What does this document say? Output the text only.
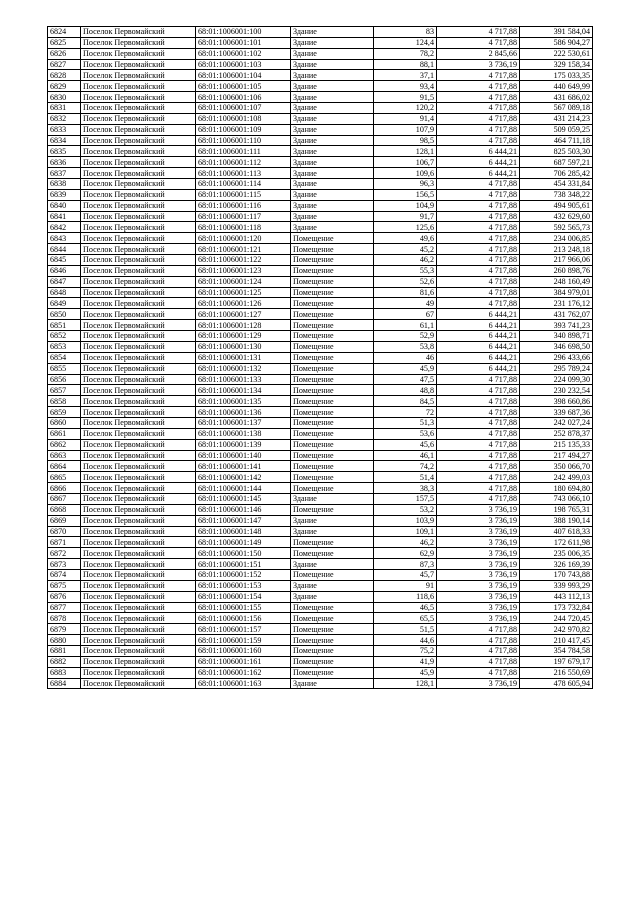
6824	Поселок Первомайский	68:01:1006001:100	Здание	83	4 717,88	391 584,04
6825	Поселок Первомайский	68:01:1006001:101	Здание	124,4	4 717,88	586 904,27
6826	Поселок Первомайский	68:01:1006001:102	Здание	78,2	2 845,66	222 530,61
6827	Поселок Первомайский	68:01:1006001:103	Здание	88,1	3 736,19	329 158,34
6828	Поселок Первомайский	68:01:1006001:104	Здание	37,1	4 717,88	175 033,35
6829	Поселок Первомайский	68:01:1006001:105	Здание	93,4	4 717,88	440 649,99
6830	Поселок Первомайский	68:01:1006001:106	Здание	91,5	4 717,88	431 686,02
6831	Поселок Первомайский	68:01:1006001:107	Здание	120,2	4 717,88	567 089,18
6832	Поселок Первомайский	68:01:1006001:108	Здание	91,4	4 717,88	431 214,23
6833	Поселок Первомайский	68:01:1006001:109	Здание	107,9	4 717,88	509 059,25
6834	Поселок Первомайский	68:01:1006001:110	Здание	98,5	4 717,88	464 711,18
6835	Поселок Первомайский	68:01:1006001:111	Здание	128,1	6 444,21	825 503,30
6836	Поселок Первомайский	68:01:1006001:112	Здание	106,7	6 444,21	687 597,21
6837	Поселок Первомайский	68:01:1006001:113	Здание	109,6	6 444,21	706 285,42
6838	Поселок Первомайский	68:01:1006001:114	Здание	96,3	4 717,88	454 331,84
6839	Поселок Первомайский	68:01:1006001:115	Здание	156,5	4 717,88	738 348,22
6840	Поселок Первомайский	68:01:1006001:116	Здание	104,9	4 717,88	494 905,61
6841	Поселок Первомайский	68:01:1006001:117	Здание	91,7	4 717,88	432 629,60
6842	Поселок Первомайский	68:01:1006001:118	Здание	125,6	4 717,88	592 565,73
6843	Поселок Первомайский	68:01:1006001:120	Помещение	49,6	4 717,88	234 006,85
6844	Поселок Первомайский	68:01:1006001:121	Помещение	45,2	4 717,88	213 248,18
6845	Поселок Первомайский	68:01:1006001:122	Помещение	46,2	4 717,88	217 966,06
6846	Поселок Первомайский	68:01:1006001:123	Помещение	55,3	4 717,88	260 898,76
6847	Поселок Первомайский	68:01:1006001:124	Помещение	52,6	4 717,88	248 160,49
6848	Поселок Первомайский	68:01:1006001:125	Помещение	81,6	4 717,88	384 979,01
6849	Поселок Первомайский	68:01:1006001:126	Помещение	49	4 717,88	231 176,12
6850	Поселок Первомайский	68:01:1006001:127	Помещение	67	6 444,21	431 762,07
6851	Поселок Первомайский	68:01:1006001:128	Помещение	61,1	6 444,21	393 741,23
6852	Поселок Первомайский	68:01:1006001:129	Помещение	52,9	6 444,21	340 898,71
6853	Поселок Первомайский	68:01:1006001:130	Помещение	53,8	6 444,21	346 698,50
6854	Поселок Первомайский	68:01:1006001:131	Помещение	46	6 444,21	296 433,66
6855	Поселок Первомайский	68:01:1006001:132	Помещение	45,9	6 444,21	295 789,24
6856	Поселок Первомайский	68:01:1006001:133	Помещение	47,5	4 717,88	224 099,30
6857	Поселок Первомайский	68:01:1006001:134	Помещение	48,8	4 717,88	230 232,54
6858	Поселок Первомайский	68:01:1006001:135	Помещение	84,5	4 717,88	398 660,86
6859	Поселок Первомайский	68:01:1006001:136	Помещение	72	4 717,88	339 687,36
6860	Поселок Первомайский	68:01:1006001:137	Помещение	51,3	4 717,88	242 027,24
6861	Поселок Первомайский	68:01:1006001:138	Помещение	53,6	4 717,88	252 878,37
6862	Поселок Первомайский	68:01:1006001:139	Помещение	45,6	4 717,88	215 135,33
6863	Поселок Первомайский	68:01:1006001:140	Помещение	46,1	4 717,88	217 494,27
6864	Поселок Первомайский	68:01:1006001:141	Помещение	74,2	4 717,88	350 066,70
6865	Поселок Первомайский	68:01:1006001:142	Помещение	51,4	4 717,88	242 499,03
6866	Поселок Первомайский	68:01:1006001:144	Помещение	38,3	4 717,88	180 694,80
6867	Поселок Первомайский	68:01:1006001:145	Здание	157,5	4 717,88	743 066,10
6868	Поселок Первомайский	68:01:1006001:146	Помещение	53,2	3 736,19	198 765,31
6869	Поселок Первомайский	68:01:1006001:147	Здание	103,9	3 736,19	388 190,14
6870	Поселок Первомайский	68:01:1006001:148	Здание	109,1	3 736,19	407 618,33
6871	Поселок Первомайский	68:01:1006001:149	Помещение	46,2	3 736,19	172 611,98
6872	Поселок Первомайский	68:01:1006001:150	Помещение	62,9	3 736,19	235 006,35
6873	Поселок Первомайский	68:01:1006001:151	Здание	87,3	3 736,19	326 169,39
6874	Поселок Первомайский	68:01:1006001:152	Помещение	45,7	3 736,19	170 743,88
6875	Поселок Первомайский	68:01:1006001:153	Здание	91	3 736,19	339 993,29
6876	Поселок Первомайский	68:01:1006001:154	Здание	118,6	3 736,19	443 112,13
6877	Поселок Первомайский	68:01:1006001:155	Помещение	46,5	3 736,19	173 732,84
6878	Поселок Первомайский	68:01:1006001:156	Помещение	65,5	3 736,19	244 720,45
6879	Поселок Первомайский	68:01:1006001:157	Помещение	51,5	4 717,88	242 970,82
6880	Поселок Первомайский	68:01:1006001:159	Помещение	44,6	4 717,88	210 417,45
6881	Поселок Первомайский	68:01:1006001:160	Помещение	75,2	4 717,88	354 784,58
6882	Поселок Первомайский	68:01:1006001:161	Помещение	41,9	4 717,88	197 679,17
6883	Поселок Первомайский	68:01:1006001:162	Помещение	45,9	4 717,88	216 550,69
6884	Поселок Первомайский	68:01:1006001:163	Здание	128,1	3 736,19	478 605,94
